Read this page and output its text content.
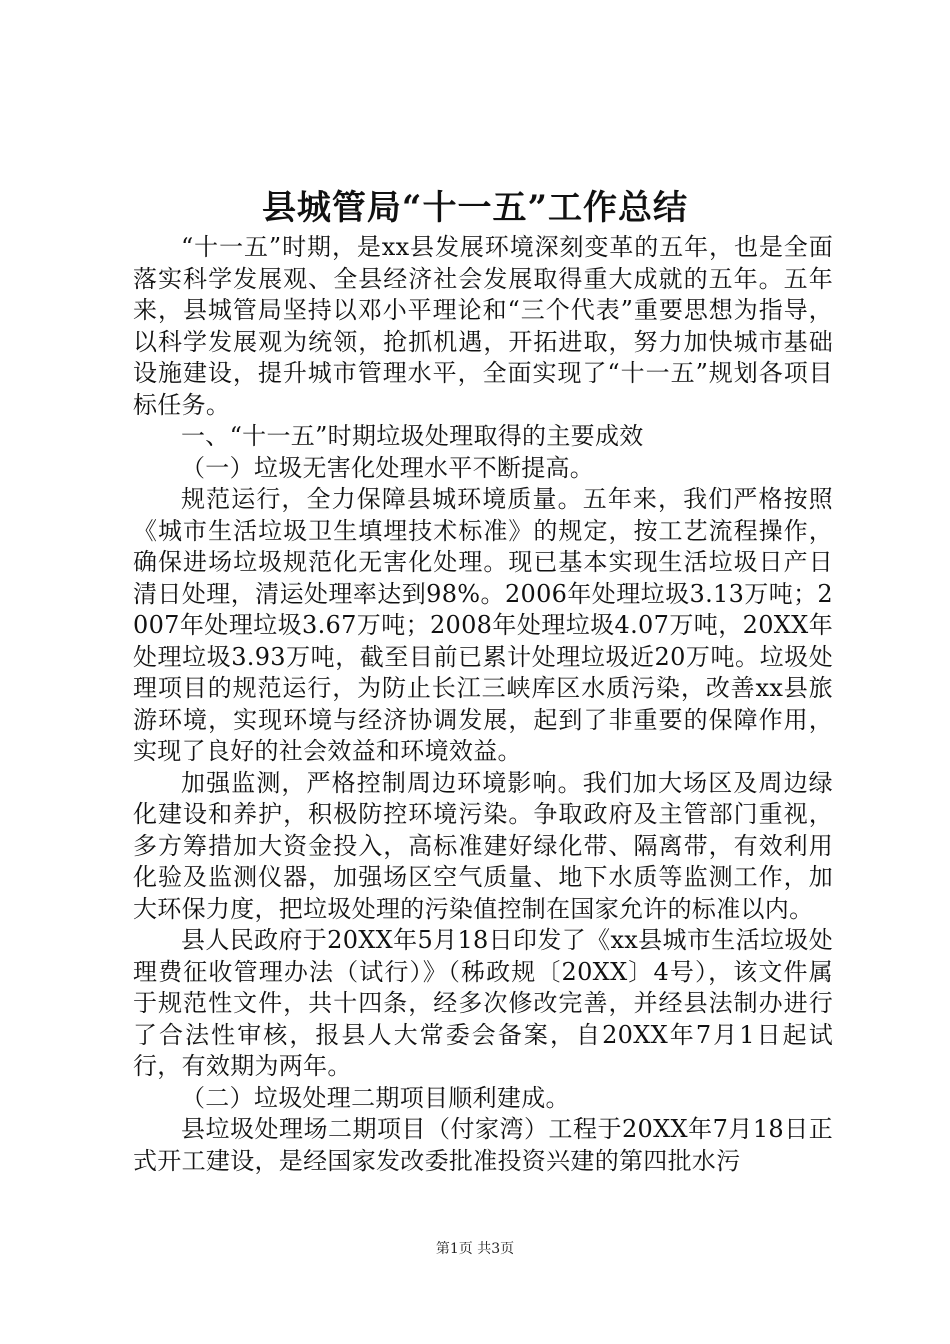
县城管局“十一五”工作总结

“十一五”时期，是xx县发展环境深刻变革的五年，也是全面落实科学发展观、全县经济社会发展取得重大成就的五年。五年来，县城管局坚持以邓小平理论和“三个代表”重要思想为指导，以科学发展观为统领，抢抓机遇，开拓进取，努力加快城市基础设施建设，提升城市管理水平，全面实现了“十一五”规划各项目标任务。

一、“十一五”时期垃圾处理取得的主要成效

（一）垃圾无害化处理水平不断提高。

规范运行，全力保障县城环境质量。五年来，我们严格按照《城市生活垃圾卫生填埋技术标准》的规定，按工艺流程操作，确保进场垃圾规范化无害化处理。现已基本实现生活垃圾日产日清日处理，清运处理率达到98%。2006年处理垃圾3.13万吨；2007年处理垃圾3.67万吨；2008年处理垃圾4.07万吨，20XX年处理垃圾3.93万吨，截至目前已累计处理垃圾近20万吨。垃圾处理项目的规范运行，为防止长江三峡库区水质污染，改善xx县旅游环境，实现环境与经济协调发展，起到了非重要的保障作用，实现了良好的社会效益和环境效益。

加强监测，严格控制周边环境影响。我们加大场区及周边绿化建设和养护，积极防控环境污染。争取政府及主管部门重视，多方筹措加大资金投入，高标准建好绿化带、隔离带，有效利用化验及监测仪器，加强场区空气质量、地下水质等监测工作，加大环保力度，把垃圾处理的污染值控制在国家允许的标准以内。

县人民政府于20XX年5月18日印发了《xx县城市生活垃圾处理费征收管理办法（试行）》（秭政规〔20XX〕4号），该文件属于规范性文件，共十四条，经多次修改完善，并经县法制办进行了合法性审核，报县人大常委会备案，自20XX年7月1日起试行，有效期为两年。

（二）垃圾处理二期项目顺利建成。

县垃圾处理场二期项目（付家湾）工程于20XX年7月18日正式开工建设，是经国家发改委批准投资兴建的第四批水污

第1页 共3页
